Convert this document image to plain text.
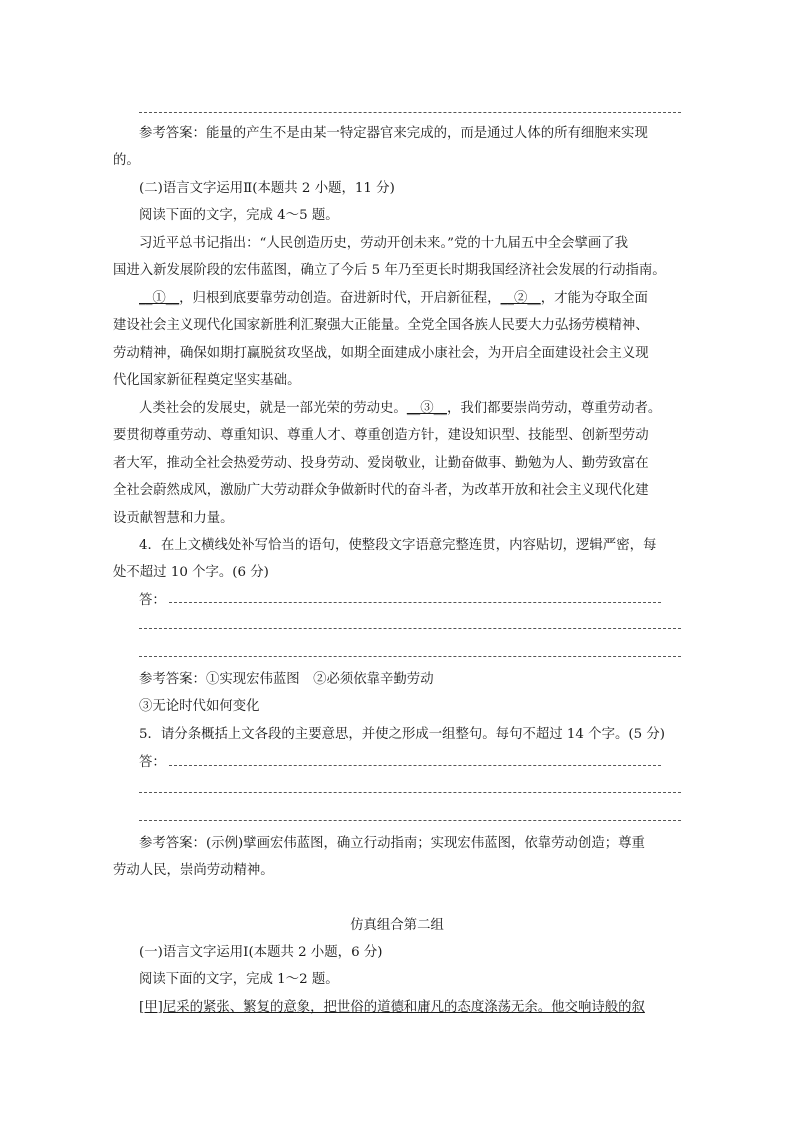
参考答案：能量的产生不是由某一特定器官来完成的，而是通过人体的所有细胞来实现
的。
(二)语言文字运用Ⅱ(本题共 2 小题，11 分)
阅读下面的文字，完成 4～5 题。
习近平总书记指出：“人民创造历史，劳动开创未来。”党的十九届五中全会擘画了我
国进入新发展阶段的宏伟蓝图，确立了今后 5 年乃至更长时期我国经济社会发展的行动指南。
__①__，归根到底要靠劳动创造。奋进新时代，开启新征程，__②__，才能为夺取全面
建设社会主义现代化国家新胜利汇聚强大正能量。全党全国各族人民要大力弘扬劳模精神、
劳动精神，确保如期打赢脱贫攻坚战，如期全面建成小康社会，为开启全面建设社会主义现
代化国家新征程奠定坚实基础。
人类社会的发展史，就是一部光荣的劳动史。__③__，我们都要崇尚劳动，尊重劳动者。
要贯彻尊重劳动、尊重知识、尊重人才、尊重创造方针，建设知识型、技能型、创新型劳动
者大军，推动全社会热爱劳动、投身劳动、爱岗敬业，让勤奋做事、勤勉为人、勤劳致富在
全社会蔚然成风，激励广大劳动群众争做新时代的奋斗者，为改革开放和社会主义现代化建
设贡献智慧和力量。
4．在上文横线处补写恰当的语句，使整段文字语意完整连贯，内容贴切，逻辑严密，每
处不超过 10 个字。(6 分)
答：
参考答案：①实现宏伟蓝图　②必须依靠辛勤劳动
③无论时代如何变化
5．请分条概括上文各段的主要意思，并使之形成一组整句。每句不超过 14 个字。(5 分)
答：
参考答案：(示例)擘画宏伟蓝图，确立行动指南；实现宏伟蓝图，依靠劳动创造；尊重
劳动人民，崇尚劳动精神。
仿真组合第二组
(一)语言文字运用Ⅰ(本题共 2 小题，6 分)
阅读下面的文字，完成 1～2 题。
[甲]尼采的紧张、繁复的意象，把世俗的道德和庸凡的态度涤荡无余。他交响诗般的叙
